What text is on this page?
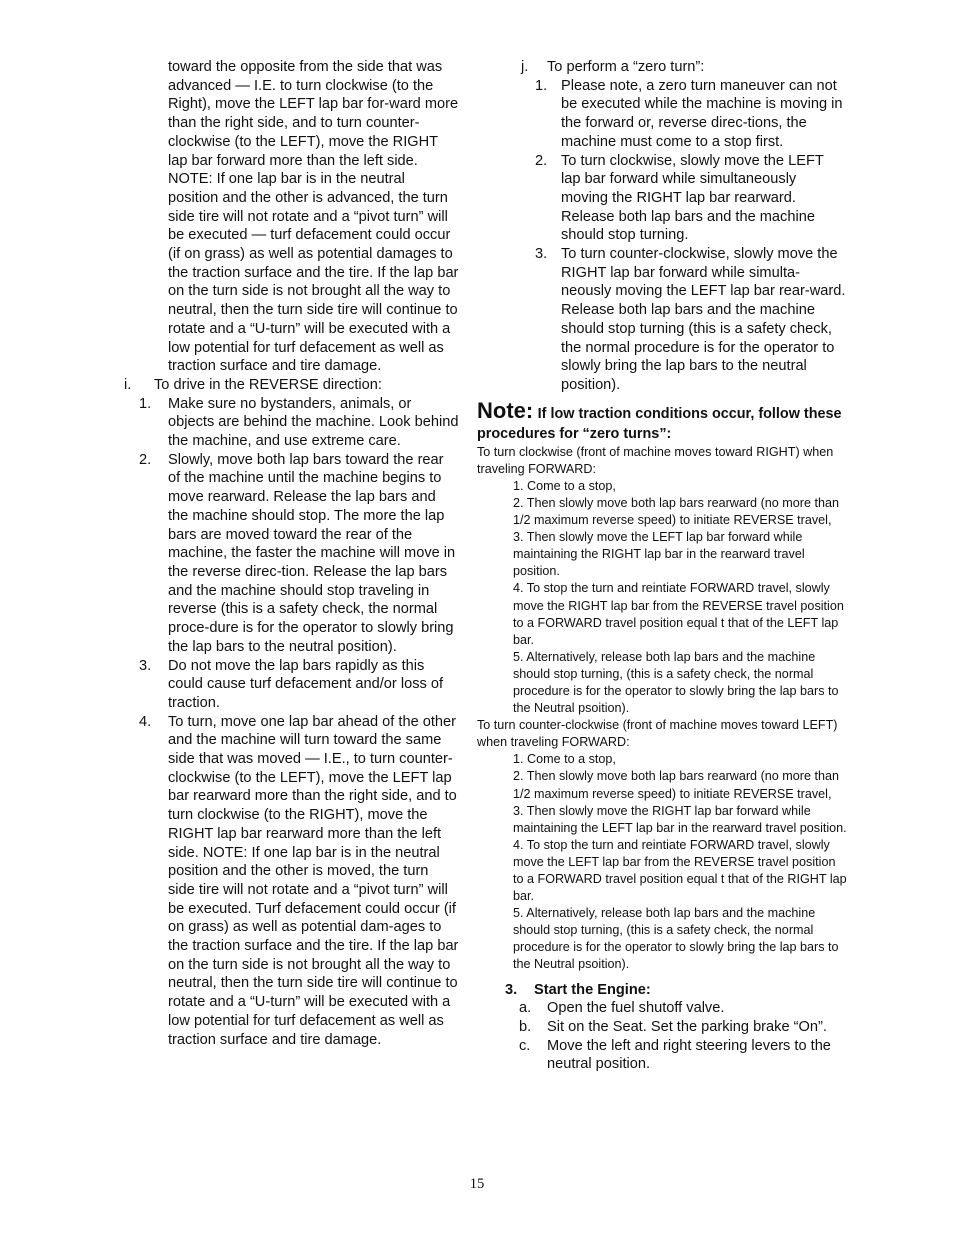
toward the opposite from the side that was advanced — I.E. to turn clockwise (to the Right), move the LEFT lap bar for-ward more than the right side, and to turn counter-clockwise (to the LEFT), move the RIGHT lap bar forward more than the left side. NOTE: If one lap bar is in the neutral position and the other is advanced, the turn side tire will not rotate and a “pivot turn” will be executed — turf defacement could occur (if on grass) as well as potential damages to the traction surface and the tire. If the lap bar on the turn side is not brought all the way to neutral, then the turn side tire will continue to rotate and a “U-turn” will be executed with a low potential for turf defacement as well as traction surface and tire damage.
i.	To drive in the REVERSE direction:
1.	Make sure no bystanders, animals, or objects are behind the machine. Look behind the machine, and use extreme care.
2.	Slowly, move both lap bars toward the rear of the machine until the machine begins to move rearward. Release the lap bars and the machine should stop. The more the lap bars are moved toward the rear of the machine, the faster the machine will move in the reverse direc-tion. Release the lap bars and the machine should stop traveling in reverse (this is a safety check, the normal proce-dure is for the operator to slowly bring the lap bars to the neutral position).
3.	Do not move the lap bars rapidly as this could cause turf defacement and/or loss of traction.
4.	To turn, move one lap bar ahead of the other and the machine will turn toward the same side that was moved — I.E., to turn counter-clockwise (to the LEFT), move the LEFT lap bar rearward more than the right side, and to turn clockwise (to the RIGHT), move the RIGHT lap bar rearward more than the left side. NOTE: If one lap bar is in the neutral position and the other is moved, the turn side tire will not rotate and a “pivot turn” will be executed. Turf defacement could occur (if on grass) as well as potential dam-ages to the traction surface and the tire. If the lap bar on the turn side is not brought all the way to neutral, then the turn side tire will continue to rotate and a “U-turn” will be executed with a low potential for turf defacement as well as traction surface and tire damage.
j.	To perform a “zero turn”:
1. Please note, a zero turn maneuver can not be executed while the machine is moving in the forward or, reverse direc-tions, the machine must come to a stop first.
2. To turn clockwise, slowly move the LEFT lap bar forward while simultaneously moving the RIGHT lap bar rearward. Release both lap bars and the machine should stop turning.
3. To turn counter-clockwise, slowly move the RIGHT lap bar forward while simulta-neously moving the LEFT lap bar rear-ward. Release both lap bars and the machine should stop turning (this is a safety check, the normal procedure is for the operator to slowly bring the lap bars to the neutral position).
Note: If low traction conditions occur, follow these procedures for “zero turns”:
To turn clockwise (front of machine moves toward RIGHT) when traveling FORWARD:
1. Come to a stop,
2. Then slowly move both lap bars rearward (no more than 1/2 maximum reverse speed) to initiate REVERSE travel,
3. Then slowly move the LEFT lap bar forward while maintaining the RIGHT lap bar in the rearward travel position.
4. To stop the turn and reintiate FORWARD travel, slowly move the RIGHT lap bar from the REVERSE travel position to a FORWARD travel position equal t that of the LEFT lap bar.
5. Alternatively, release both lap bars and the machine should stop turning, (this is a safety check, the normal procedure is for the operator to slowly bring the lap bars to the Neutral psoition).
To turn counter-clockwise (front of machine moves toward LEFT) when traveling FORWARD:
1. Come to a stop,
2. Then slowly move both lap bars rearward (no more than 1/2 maximum reverse speed) to initiate REVERSE travel,
3. Then slowly move the RIGHT lap bar forward while maintaining the LEFT lap bar in the rearward travel position.
4. To stop the turn and reintiate FORWARD travel, slowly move the LEFT lap bar from the REVERSE travel position to a FORWARD travel position equal t that of the RIGHT lap bar.
5. Alternatively, release both lap bars and the machine should stop turning, (this is a safety check, the normal procedure is for the operator to slowly bring the lap bars to the Neutral psoition).
3.	Start the Engine:
a.	Open the fuel shutoff valve.
b.	Sit on the Seat. Set the parking brake “On”.
c.	Move the left and right steering levers to the neutral position.
15
